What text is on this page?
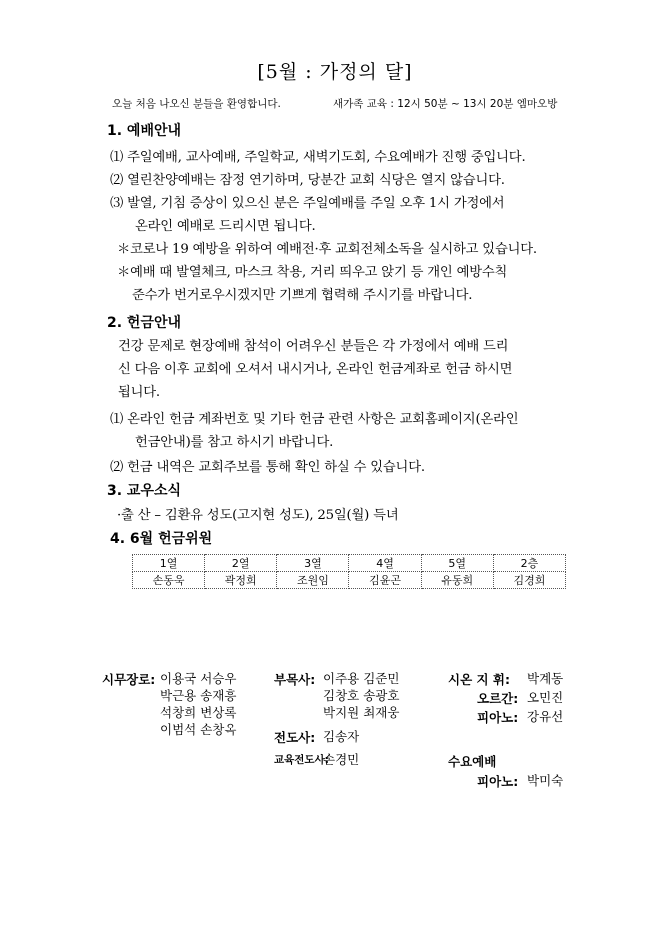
[5월 : 가정의 달]
오늘 처음 나오신 분들을 환영합니다.	새가족 교육 : 12시 50분 ~ 13시 20분 엠마오방
1. 예배안내
⑴ 주일예배, 교사예배, 주일학교, 새벽기도회, 수요예배가 진행 중입니다.
⑵ 열린찬양예배는 잠정 연기하며, 당분간 교회 식당은 열지 않습니다.
⑶ 발열, 기침 증상이 있으신 분은 주일예배를 주일 오후 1시 가정에서
온라인 예배로 드리시면 됩니다.
＊코로나 19 예방을 위하여 예배전·후 교회전체소독을 실시하고 있습니다.
＊예배 때 발열체크, 마스크 착용, 거리 띄우고 앉기 등 개인 예방수칙
준수가 번거로우시겠지만 기쁘게 협력해 주시기를 바랍니다.
2. 헌금안내
건강 문제로 현장예배 참석이 어려우신 분들은 각 가정에서 예배 드리
신 다음 이후 교회에 오셔서 내시거나, 온라인 헌금계좌로 헌금 하시면
됩니다.
⑴ 온라인 헌금 계좌번호 및 기타 헌금 관련 사항은 교회홈페이지(온라인
헌금안내)를 참고 하시기 바랍니다.
⑵ 헌금 내역은 교회주보를 통해 확인 하실 수 있습니다.
3. 교우소식
·출 산 – 김환유 성도(고지현 성도), 25일(월) 득녀
4. 6월 헌금위원
1열	2열	3열	4열	5열	2층
손동욱	곽정희	조원임	김윤곤	유동희	김경희
시무장로: 이용국 서승우
박근용 송재흥
석창희 변상록
이범석 손창옥
부목사: 이주용 김준민
김창호 송광호
박지원 최재웅
전도사: 김송자
교육전도사:
손경민
시온 지 휘: 박계동
오르간: 오민진
피아노: 강유선
수요예배
피아노: 박미숙
